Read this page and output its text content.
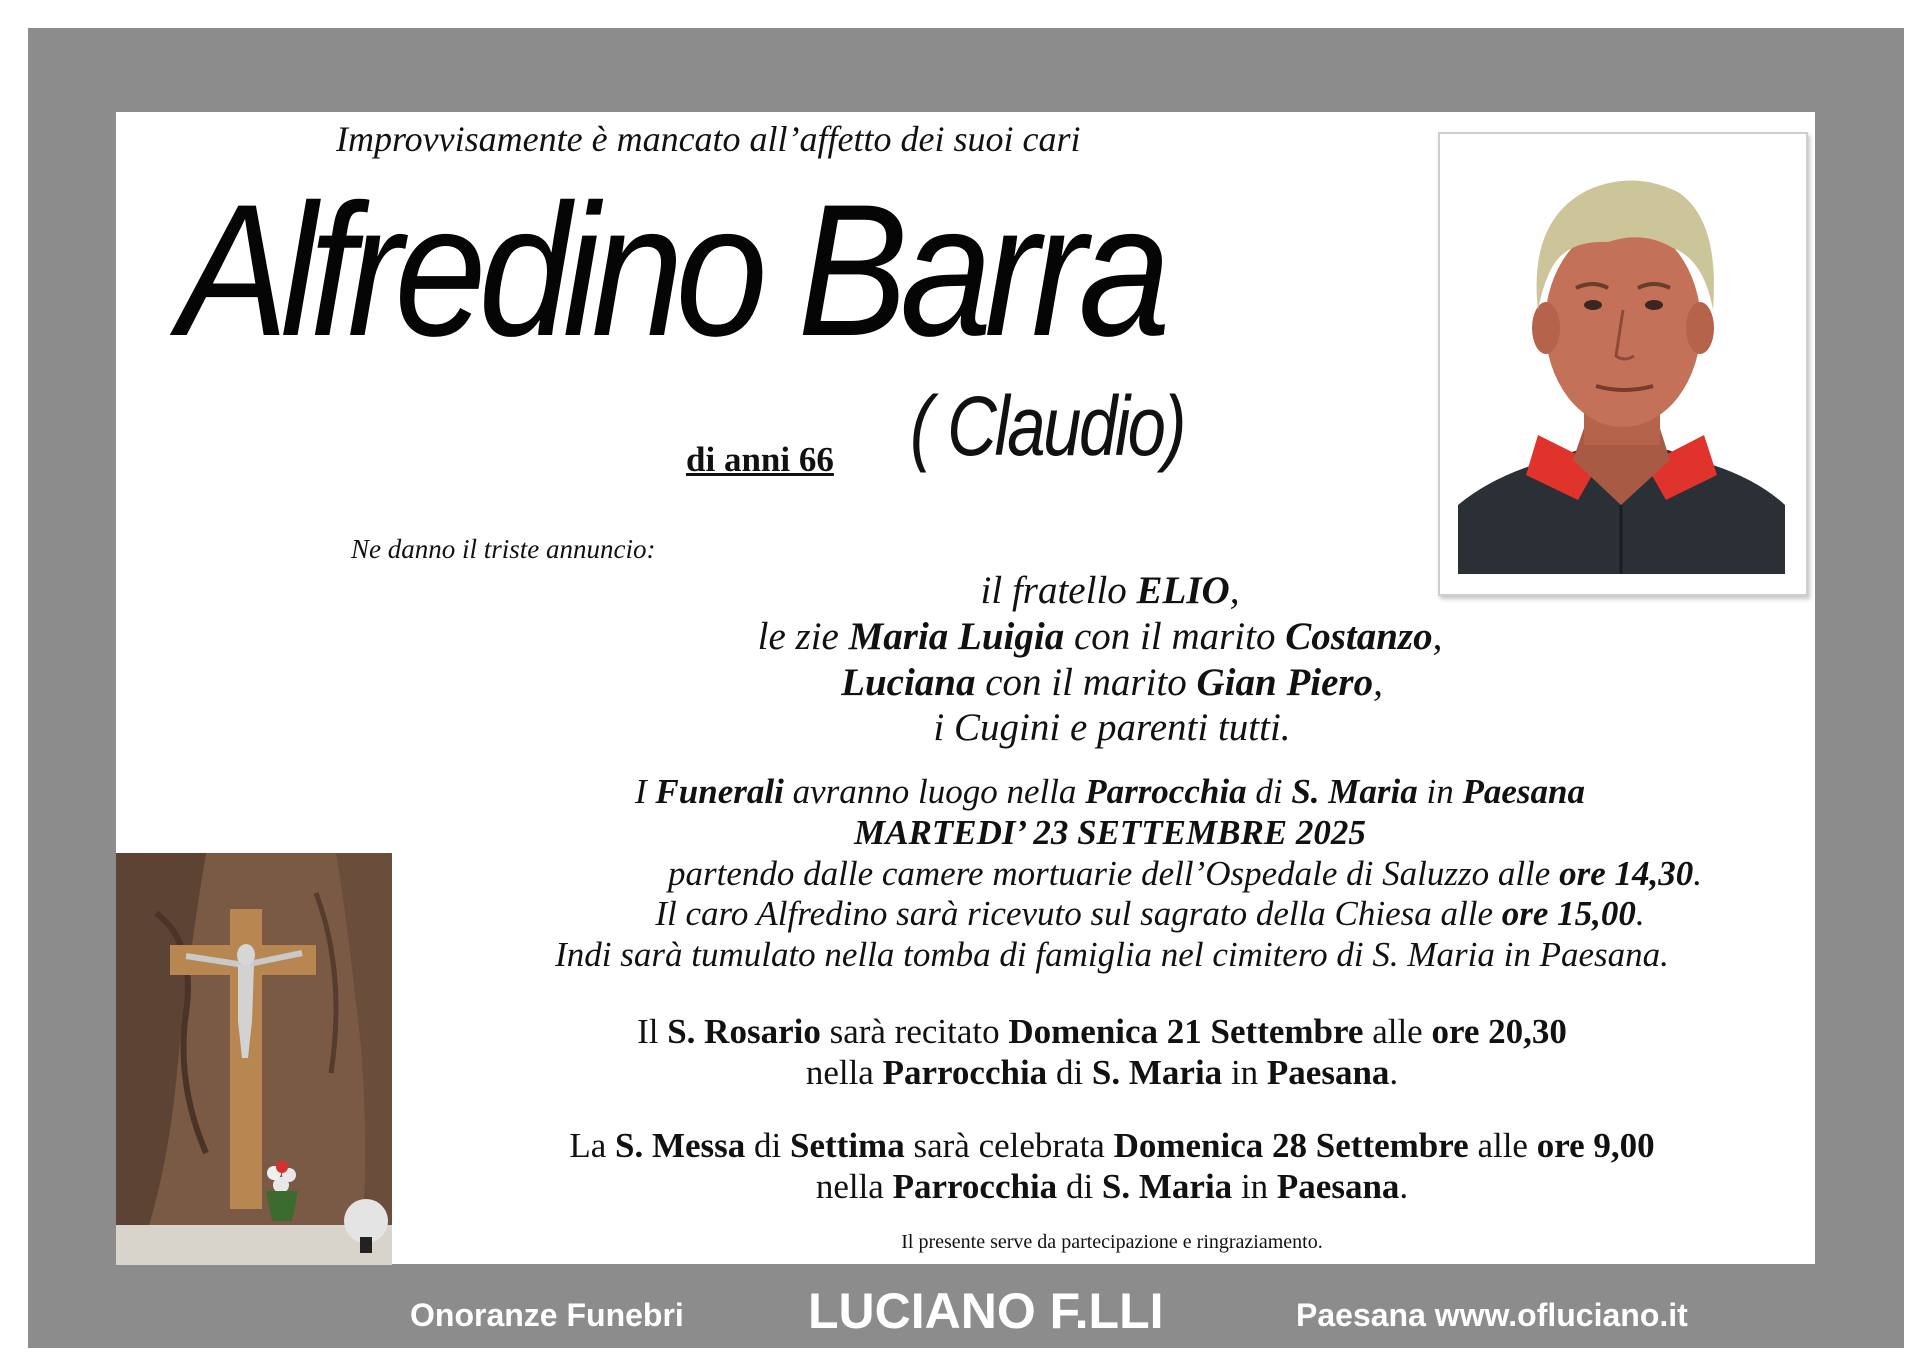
Improvvisamente è mancato all’affetto dei suoi cari
Alfredino Barra
( Claudio)
di anni 66
Ne danno il triste annuncio:
il fratello ELIO,
le zie Maria Luigia con il marito Costanzo,
Luciana con il marito Gian Piero,
i Cugini e parenti tutti.
I Funerali avranno luogo nella Parrocchia di S. Maria in Paesana
MARTEDI’ 23 SETTEMBRE 2025
partendo dalle camere mortuarie dell’Ospedale di Saluzzo alle ore 14,30.
Il caro Alfredino sarà ricevuto sul sagrato della Chiesa alle ore 15,00.
Indi sarà tumulato nella tomba di famiglia nel cimitero di S. Maria in Paesana.
Il S. Rosario sarà recitato Domenica 21 Settembre alle ore 20,30
nella Parrocchia di S. Maria in Paesana.
La S. Messa di Settima sarà celebrata Domenica 28 Settembre alle ore 9,00
nella Parrocchia di S. Maria in Paesana.
Il presente serve da partecipazione e ringraziamento.
Onoranze Funebri LUCIANO F.LLI	Paesana www.ofluciano.it
